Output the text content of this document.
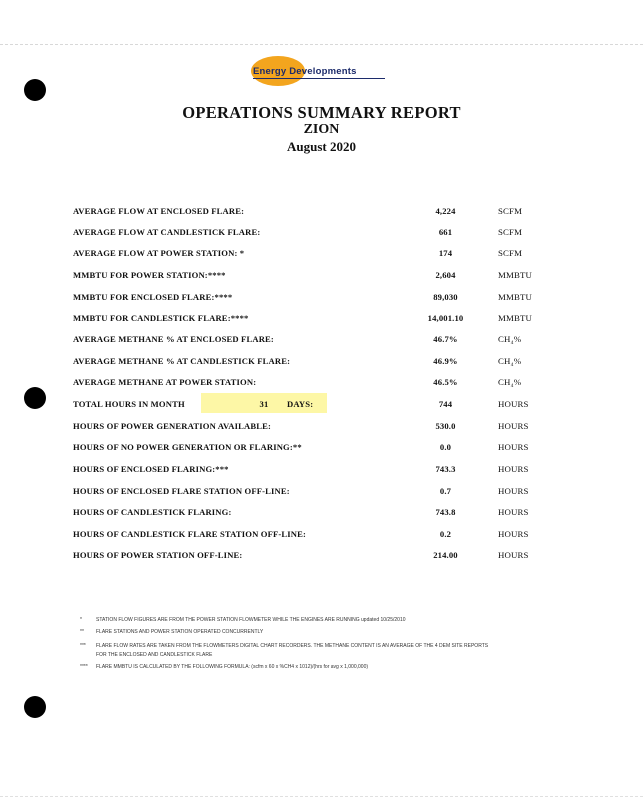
Energy Developments
OPERATIONS SUMMARY REPORT
ZION
August 2020
AVERAGE FLOW AT ENCLOSED FLARE:	4,224	SCFM
AVERAGE FLOW AT CANDLESTICK FLARE:	661	SCFM
AVERAGE FLOW AT POWER STATION: *	174	SCFM
MMBTU FOR POWER STATION:****	2,604	MMBTU
MMBTU FOR ENCLOSED FLARE:****	89,030	MMBTU
MMBTU FOR CANDLESTICK FLARE:****	14,001.10	MMBTU
AVERAGE METHANE % AT ENCLOSED FLARE:	46.7%	CH₄%
AVERAGE METHANE % AT CANDLESTICK FLARE:	46.9%	CH₄%
AVERAGE METHANE AT POWER STATION:	46.5%	CH₄%
TOTAL HOURS IN MONTH	31	DAYS:	744	HOURS
HOURS OF POWER GENERATION AVAILABLE:	530.0	HOURS
HOURS OF NO POWER GENERATION OR FLARING:**	0.0	HOURS
HOURS OF ENCLOSED FLARING:***	743.3	HOURS
HOURS OF ENCLOSED FLARE STATION OFF-LINE:	0.7	HOURS
HOURS OF CANDLESTICK FLARING:	743.8	HOURS
HOURS OF CANDLESTICK FLARE STATION OFF-LINE:	0.2	HOURS
HOURS OF POWER STATION OFF-LINE:	214.00	HOURS
*	STATION FLOW FIGURES ARE FROM THE POWER STATION FLOWMETER WHILE THE ENGINES ARE RUNNING updated 10/25/2010
** FLARE STATIONS AND POWER STATION OPERATED CONCURRENTLY
*** FLARE FLOW RATES ARE TAKEN FROM THE FLOWMETERS DIGITAL CHART RECORDERS. THE METHANE CONTENT IS AN AVERAGE OF THE 4 DEM SITE REPORTS
FOR THE ENCLOSED AND CANDLESTICK FLARE
**** FLARE MMBTU IS CALCULATED BY THE FOLLOWING FORMULA: (scfm x 60 x %CH4 x 1012)/(hrs for avg x 1,000,000)
